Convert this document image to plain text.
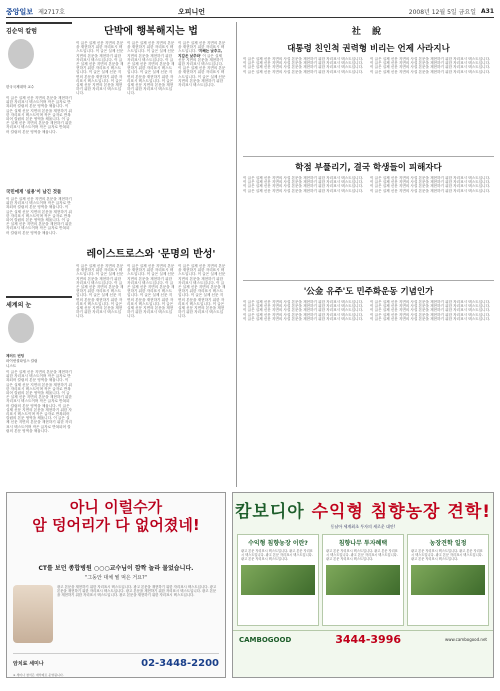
중앙일보 제2717호	오피니언	2008년 12월 5일 금요일 A31
김순덕 칼럼
한국국제대학 교수
이 글은 실제 신문 지면의 본문을 재현하기 위한 자리표시 텍스트이며 작은 글자로 반복되어 칼럼의 본문 영역을 채웁니다. 이 글은 실제 신문 지면의 본문을 재현하기 위한 자리표시 텍스트이며 작은 글자로 반복되어 칼럼의 본문 영역을 채웁니다. 이 글은 실제 신문 지면의 본문을 재현하기 위한 자리표시 텍스트이며 작은 글자로 반복되어 칼럼의 본문 영역을 채웁니다.
국민에게 '실용'이 남긴 것들
이 글은 실제 신문 지면의 본문을 재현하기 위한 자리표시 텍스트이며 작은 글자로 반복되어 칼럼의 본문 영역을 채웁니다. 이 글은 실제 신문 지면의 본문을 재현하기 위한 자리표시 텍스트이며 작은 글자로 반복되어 칼럼의 본문 영역을 채웁니다. 이 글은 실제 신문 지면의 본문을 재현하기 위한 자리표시 텍스트이며 작은 글자로 반복되어 칼럼의 본문 영역을 채웁니다.
세계의 눈
제러드 번팅
파이낸셜타임스 칼럼니스트
이 글은 실제 신문 지면의 본문을 재현하기 위한 자리표시 텍스트이며 작은 글자로 반복되어 칼럼의 본문 영역을 채웁니다. 이 글은 실제 신문 지면의 본문을 재현하기 위한 자리표시 텍스트이며 작은 글자로 반복되어 칼럼의 본문 영역을 채웁니다. 이 글은 실제 신문 지면의 본문을 재현하기 위한 자리표시 텍스트이며 작은 글자로 반복되어 칼럼의 본문 영역을 채웁니다. 이 글은 실제 신문 지면의 본문을 재현하기 위한 자리표시 텍스트이며 작은 글자로 반복되어 칼럼의 본문 영역을 채웁니다. 이 글은 실제 신문 지면의 본문을 재현하기 위한 자리표시 텍스트이며 작은 글자로 반복되어 칼럼의 본문 영역을 채웁니다.
단박에 행복해지는 법
이 글은 실제 신문 지면의 본문을 재현하기 위한 자리표시 텍스트입니다. 이 글은 실제 신문 지면의 본문을 재현하기 위한 자리표시 텍스트입니다. 이 글은 실제 신문 지면의 본문을 재현하기 위한 자리표시 텍스트입니다. 이 글은 실제 신문 지면의 본문을 재현하기 위한 자리표시 텍스트입니다. 이 글은 실제 신문 지면의 본문을 재현하기 위한 자리표시 텍스트입니다.
이 글은 실제 신문 지면의 본문을 재현하기 위한 자리표시 텍스트입니다. 이 글은 실제 신문 지면의 본문을 재현하기 위한 자리표시 텍스트입니다. 이 글은 실제 신문 지면의 본문을 재현하기 위한 자리표시 텍스트입니다. 이 글은 실제 신문 지면의 본문을 재현하기 위한 자리표시 텍스트입니다. 이 글은 실제 신문 지면의 본문을 재현하기 위한 자리표시 텍스트입니다.
이 글은 실제 신문 지면의 본문을 재현하기 위한 자리표시 텍스트입니다. '지혜는 낮추고, 지갑은 낮추라' 이 글은 실제 신문 지면의 본문을 재현하기 위한 자리표시 텍스트입니다. 이 글은 실제 신문 지면의 본문을 재현하기 위한 자리표시 텍스트입니다. 이 글은 실제 신문 지면의 본문을 재현하기 위한 자리표시 텍스트입니다.
레이스트로스와 '문명의 반성'
이 글은 실제 신문 지면의 본문을 재현하기 위한 자리표시 텍스트입니다. 이 글은 실제 신문 지면의 본문을 재현하기 위한 자리표시 텍스트입니다. 이 글은 실제 신문 지면의 본문을 재현하기 위한 자리표시 텍스트입니다. 이 글은 실제 신문 지면의 본문을 재현하기 위한 자리표시 텍스트입니다. 이 글은 실제 신문 지면의 본문을 재현하기 위한 자리표시 텍스트입니다.
이 글은 실제 신문 지면의 본문을 재현하기 위한 자리표시 텍스트입니다. 이 글은 실제 신문 지면의 본문을 재현하기 위한 자리표시 텍스트입니다. 이 글은 실제 신문 지면의 본문을 재현하기 위한 자리표시 텍스트입니다. 이 글은 실제 신문 지면의 본문을 재현하기 위한 자리표시 텍스트입니다. 이 글은 실제 신문 지면의 본문을 재현하기 위한 자리표시 텍스트입니다.
이 글은 실제 신문 지면의 본문을 재현하기 위한 자리표시 텍스트입니다. 이 글은 실제 신문 지면의 본문을 재현하기 위한 자리표시 텍스트입니다. 이 글은 실제 신문 지면의 본문을 재현하기 위한 자리표시 텍스트입니다. 이 글은 실제 신문 지면의 본문을 재현하기 위한 자리표시 텍스트입니다. 이 글은 실제 신문 지면의 본문을 재현하기 위한 자리표시 텍스트입니다.
社 說
대통령 친인척 권력형 비리는 언제 사라지나
이 글은 실제 신문 지면의 사설 본문을 재현하기 위한 자리표시 텍스트입니다. 이 글은 실제 신문 지면의 사설 본문을 재현하기 위한 자리표시 텍스트입니다. 이 글은 실제 신문 지면의 사설 본문을 재현하기 위한 자리표시 텍스트입니다. 이 글은 실제 신문 지면의 사설 본문을 재현하기 위한 자리표시 텍스트입니다.
이 글은 실제 신문 지면의 사설 본문을 재현하기 위한 자리표시 텍스트입니다. 이 글은 실제 신문 지면의 사설 본문을 재현하기 위한 자리표시 텍스트입니다. 이 글은 실제 신문 지면의 사설 본문을 재현하기 위한 자리표시 텍스트입니다. 이 글은 실제 신문 지면의 사설 본문을 재현하기 위한 자리표시 텍스트입니다.
학점 부풀리기, 결국 학생들이 피해자다
이 글은 실제 신문 지면의 사설 본문을 재현하기 위한 자리표시 텍스트입니다. 이 글은 실제 신문 지면의 사설 본문을 재현하기 위한 자리표시 텍스트입니다. 이 글은 실제 신문 지면의 사설 본문을 재현하기 위한 자리표시 텍스트입니다. 이 글은 실제 신문 지면의 사설 본문을 재현하기 위한 자리표시 텍스트입니다.
이 글은 실제 신문 지면의 사설 본문을 재현하기 위한 자리표시 텍스트입니다. 이 글은 실제 신문 지면의 사설 본문을 재현하기 위한 자리표시 텍스트입니다. 이 글은 실제 신문 지면의 사설 본문을 재현하기 위한 자리표시 텍스트입니다. 이 글은 실제 신문 지면의 사설 본문을 재현하기 위한 자리표시 텍스트입니다.
'公金 유주'도 민주화운동 기념인가
이 글은 실제 신문 지면의 사설 본문을 재현하기 위한 자리표시 텍스트입니다. 이 글은 실제 신문 지면의 사설 본문을 재현하기 위한 자리표시 텍스트입니다. 이 글은 실제 신문 지면의 사설 본문을 재현하기 위한 자리표시 텍스트입니다. 이 글은 실제 신문 지면의 사설 본문을 재현하기 위한 자리표시 텍스트입니다. 이 글은 실제 신문 지면의 사설 본문을 재현하기 위한 자리표시 텍스트입니다.
이 글은 실제 신문 지면의 사설 본문을 재현하기 위한 자리표시 텍스트입니다. 이 글은 실제 신문 지면의 사설 본문을 재현하기 위한 자리표시 텍스트입니다. 이 글은 실제 신문 지면의 사설 본문을 재현하기 위한 자리표시 텍스트입니다. 이 글은 실제 신문 지면의 사설 본문을 재현하기 위한 자리표시 텍스트입니다. 이 글은 실제 신문 지면의 사설 본문을 재현하기 위한 자리표시 텍스트입니다.
아니 이럴수가
암 덩어리가 다 없어졌네!
CT를 보던 종합병원 ○○○교수님이 깜짝 놀라 물었습니다.
"그동안 대체 뭘 먹은 거요?"
광고 본문을 재현하기 위한 자리표시 텍스트입니다. 광고 본문을 재현하기 위한 자리표시 텍스트입니다. 광고 본문을 재현하기 위한 자리표시 텍스트입니다. 광고 본문을 재현하기 위한 자리표시 텍스트입니다. 광고 본문을 재현하기 위한 자리표시 텍스트입니다. 광고 본문을 재현하기 위한 자리표시 텍스트입니다.
암치료 세미나	02-3448-2200
※ 세미나 참석은 예약제로 운영됩니다.
캄보디아 수익형 침향농장 견학!
동남아 세계최초 투자의 새로운 대안!
수익형 침향농장 이란?
광고 본문 자리표시 텍스트입니다. 광고 본문 자리표시 텍스트입니다. 광고 본문 자리표시 텍스트입니다. 광고 본문 자리표시 텍스트입니다.
침향나무 투자혜택
광고 본문 자리표시 텍스트입니다. 광고 본문 자리표시 텍스트입니다. 광고 본문 자리표시 텍스트입니다. 광고 본문 자리표시 텍스트입니다.
농장견학 일정
광고 본문 자리표시 텍스트입니다. 광고 본문 자리표시 텍스트입니다. 광고 본문 자리표시 텍스트입니다. 광고 본문 자리표시 텍스트입니다.
CAMBOGOOD	3444-3996	www.cambogood.net
